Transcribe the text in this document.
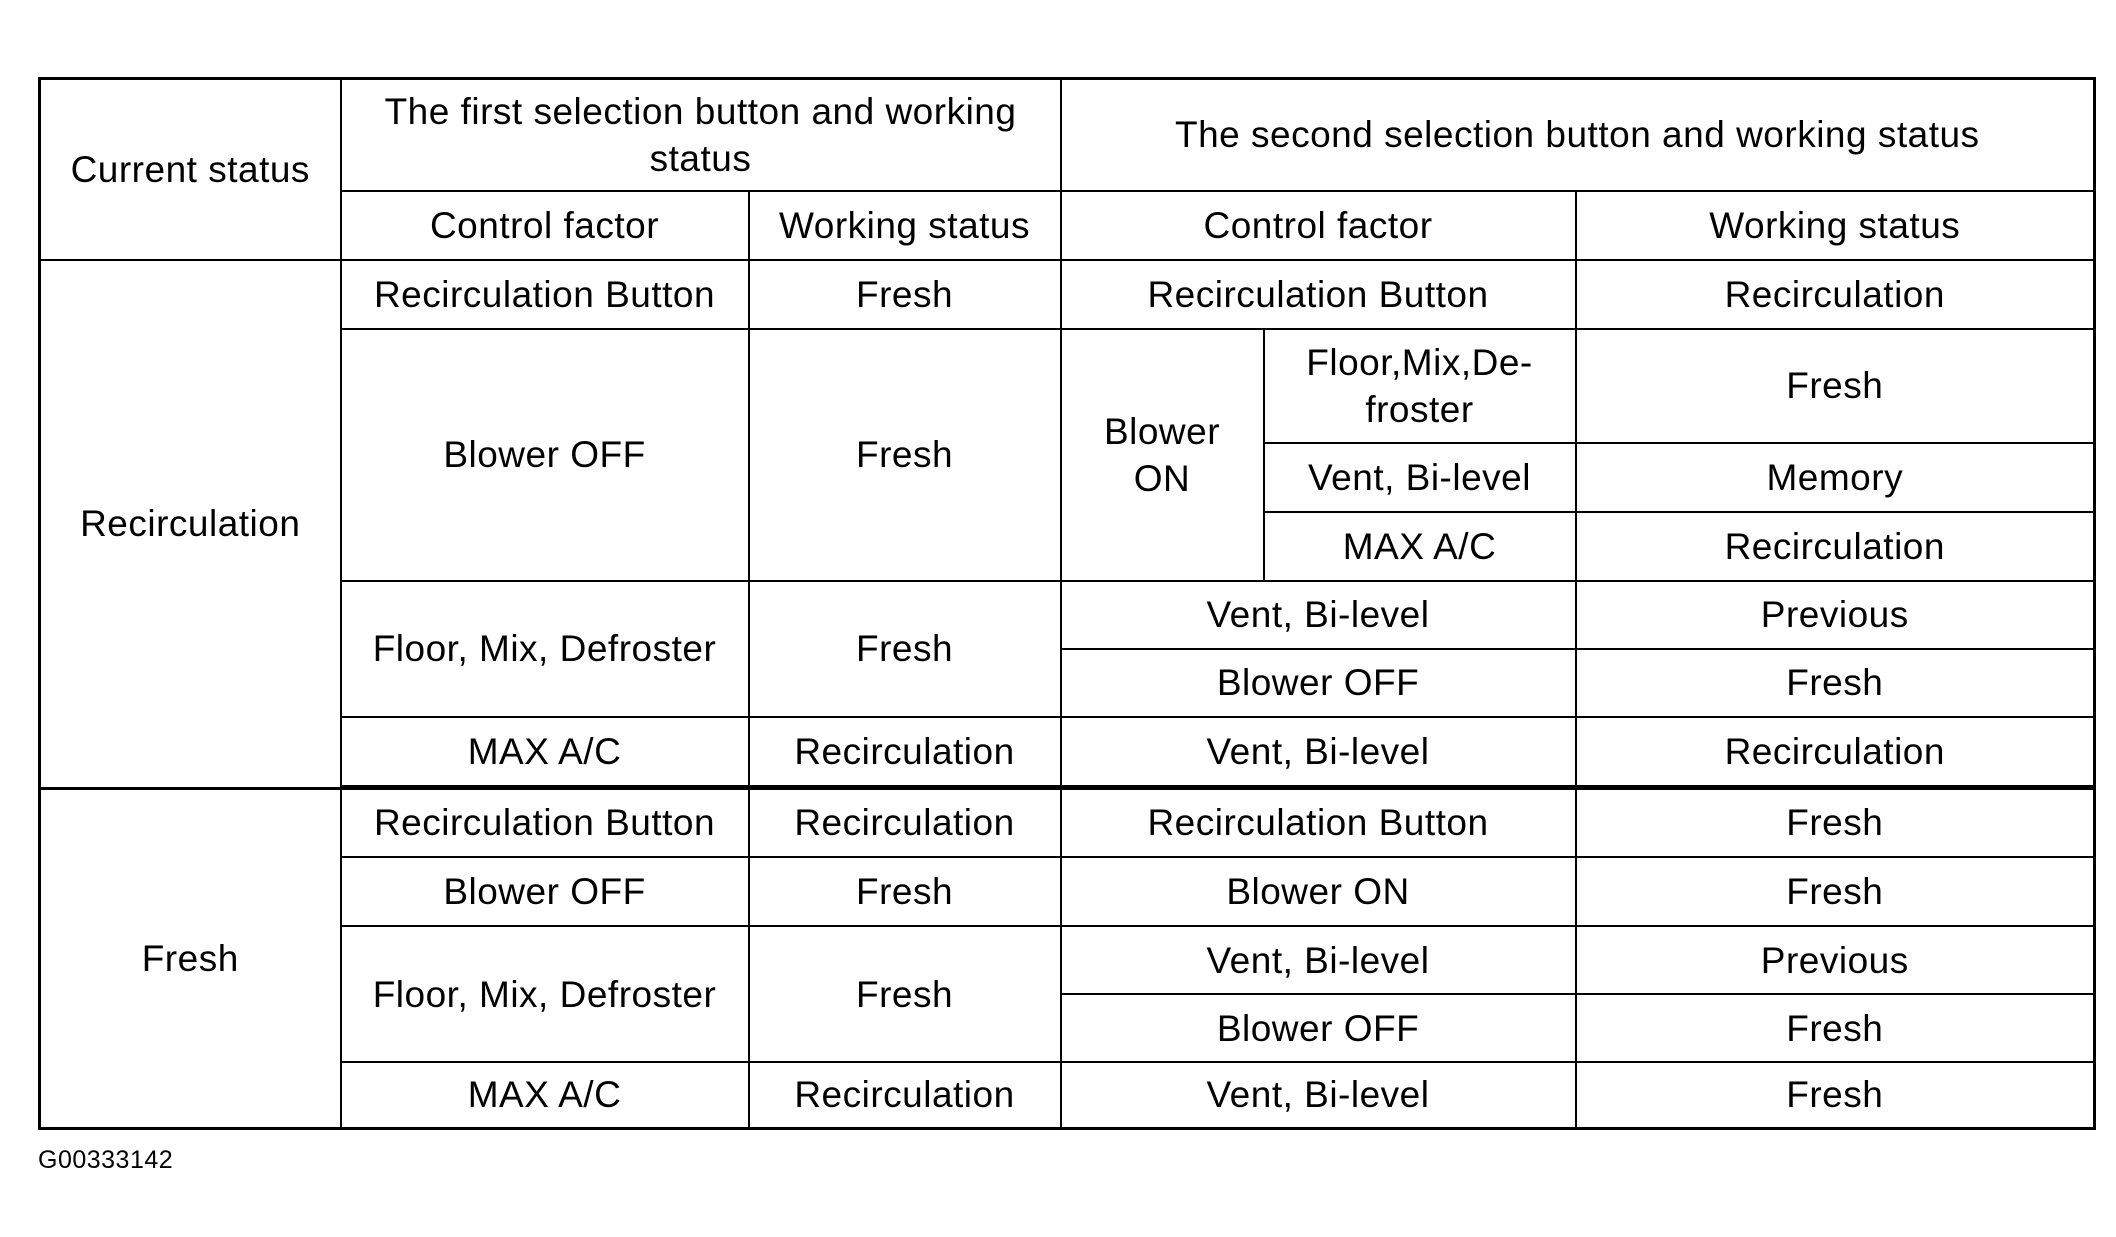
Current status	The first selection button and working status		The second selection button and working status		
	Control factor	Working status	Control factor		Working status
Recirculation	Recirculation Button	Fresh	Recirculation Button		Recirculation
	Blower OFF	Fresh	Blower ON	Floor,Mix,De-froster	Fresh
				Vent, Bi-level	Memory
				MAX A/C	Recirculation
	Floor, Mix, Defroster	Fresh	Vent, Bi-level		Previous
			Blower OFF		Fresh
	MAX A/C	Recirculation	Vent, Bi-level		Recirculation

Fresh	Recirculation Button	Recirculation	Recirculation Button		Fresh
	Blower OFF	Fresh	Blower ON		Fresh
	Floor, Mix, Defroster	Fresh	Vent, Bi-level		Previous
			Blower OFF		Fresh
	MAX A/C	Recirculation	Vent, Bi-level		Fresh
G00333142
